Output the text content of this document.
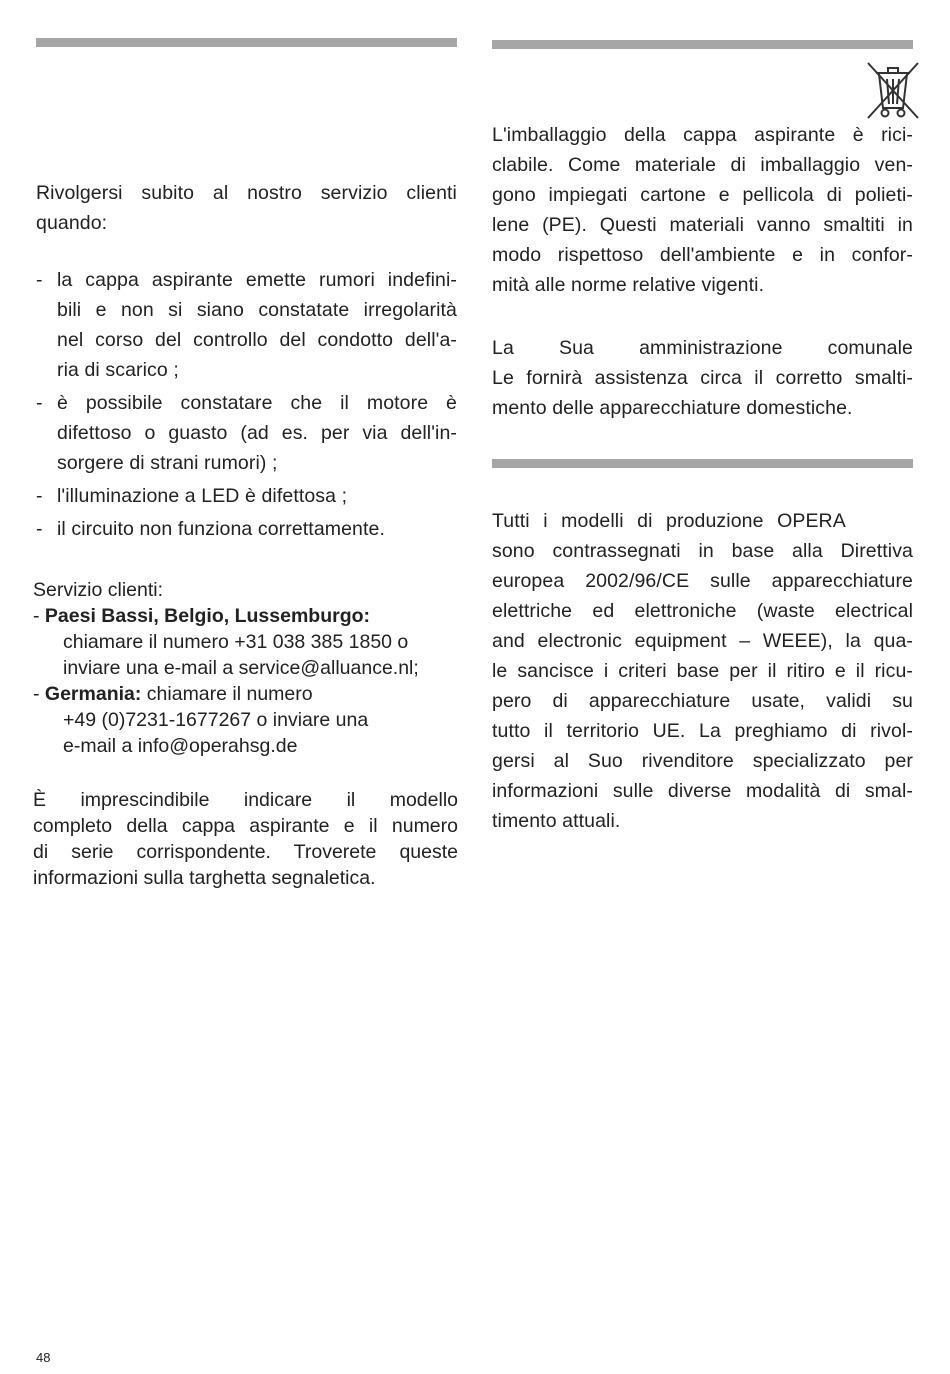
Rivolgersi subito al nostro servizio clienti
quando:
- la cappa aspirante emette rumori indefini-
bili e non si siano constatate irregolarità
nel corso del controllo del condotto dell'a-
ria di scarico ;
- è possibile constatare che il motore è
difettoso o guasto (ad es. per via dell'in-
sorgere di strani rumori) ;
- l'illuminazione a LED è difettosa ;
- il circuito non funziona correttamente.
Servizio clienti:
- Paesi Bassi, Belgio, Lussemburgo:
chiamare il numero +31 038 385 1850 o
inviare una e-mail a service@alluance.nl;
- Germania: chiamare il numero
+49 (0)7231-1677267 o inviare una
e-mail a info@operahsg.de
È imprescindibile indicare il modello
completo della cappa aspirante e il numero
di serie corrispondente. Troverete queste
informazioni sulla targhetta segnaletica.
L'imballaggio della cappa aspirante è rici-
clabile. Come materiale di imballaggio ven-
gono impiegati cartone e pellicola di polieti-
lene (PE). Questi materiali vanno smaltiti in
modo rispettoso dell'ambiente e in confor-
mità alle norme relative vigenti.
La Sua amministrazione comunale
Le fornirà assistenza circa il corretto smalti-
mento delle apparecchiature domestiche.
Tutti i modelli di produzione OPERA
sono contrassegnati in base alla Direttiva
europea 2002/96/CE sulle apparecchiature
elettriche ed elettroniche (waste electrical
and electronic equipment – WEEE), la qua-
le sancisce i criteri base per il ritiro e il ricu-
pero di apparecchiature usate, validi su
tutto il territorio UE. La preghiamo di rivol-
gersi al Suo rivenditore specializzato per
informazioni sulle diverse modalità di smal-
timento attuali.
48
